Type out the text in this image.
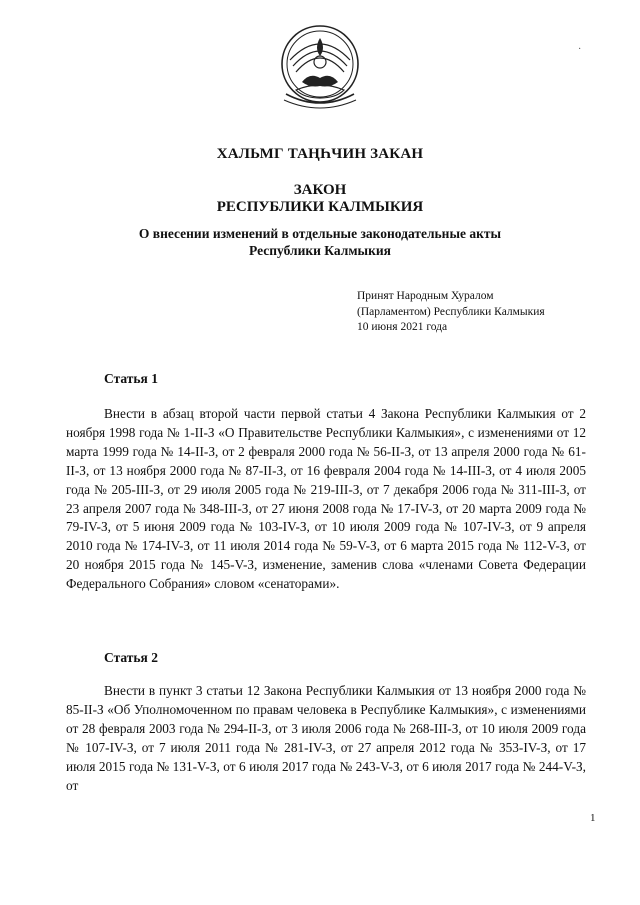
·
ХАЛЬМГ ТАҢҺЧИН ЗАКАН
ЗАКОН
РЕСПУБЛИКИ КАЛМЫКИЯ
О внесении изменений в отдельные законодательные акты
Республики Калмыкия
Принят Народным Хуралом
(Парламентом) Республики Калмыкия
10 июня 2021 года
Статья 1
Внести в абзац второй части первой статьи 4 Закона Республики Калмыкия от 2 ноября 1998 года № 1-II-З «О Правительстве Республики Калмыкия», с изменениями от 12 марта 1999 года № 14-II-З, от 2 февраля 2000 года № 56-II-З, от 13 апреля 2000 года № 61-II-З, от 13 ноября 2000 года № 87-II-З, от 16 февраля 2004 года № 14-III-З, от 4 июля 2005 года № 205-III-З, от 29 июля 2005 года № 219-III-З, от 7 декабря 2006 года № 311-III-З, от 23 апреля 2007 года № 348-III-З, от 27 июня 2008 года № 17-IV-З, от 20 марта 2009 года № 79-IV-З, от 5 июня 2009 года № 103-IV-З, от 10 июля 2009 года № 107-IV-З, от 9 апреля 2010 года № 174-IV-З, от 11 июля 2014 года № 59-V-З, от 6 марта 2015 года № 112-V-З, от 20 ноября 2015 года № 145-V-З, изменение, заменив слова «членами Совета Федерации Федерального Собрания» словом «сенаторами».
Статья 2
Внести в пункт 3 статьи 12 Закона Республики Калмыкия от 13 ноября 2000 года № 85-II-З «Об Уполномоченном по правам человека в Республике Калмыкия», с изменениями от 28 февраля 2003 года № 294-II-З, от 3 июля 2006 года № 268-III-З, от 10 июля 2009 года № 107-IV-З, от 7 июля 2011 года № 281-IV-З, от 27 апреля 2012 года № 353-IV-З, от 17 июля 2015 года № 131-V-З, от 6 июля 2017 года № 243-V-З, от 6 июля 2017 года № 244-V-З, от
1
